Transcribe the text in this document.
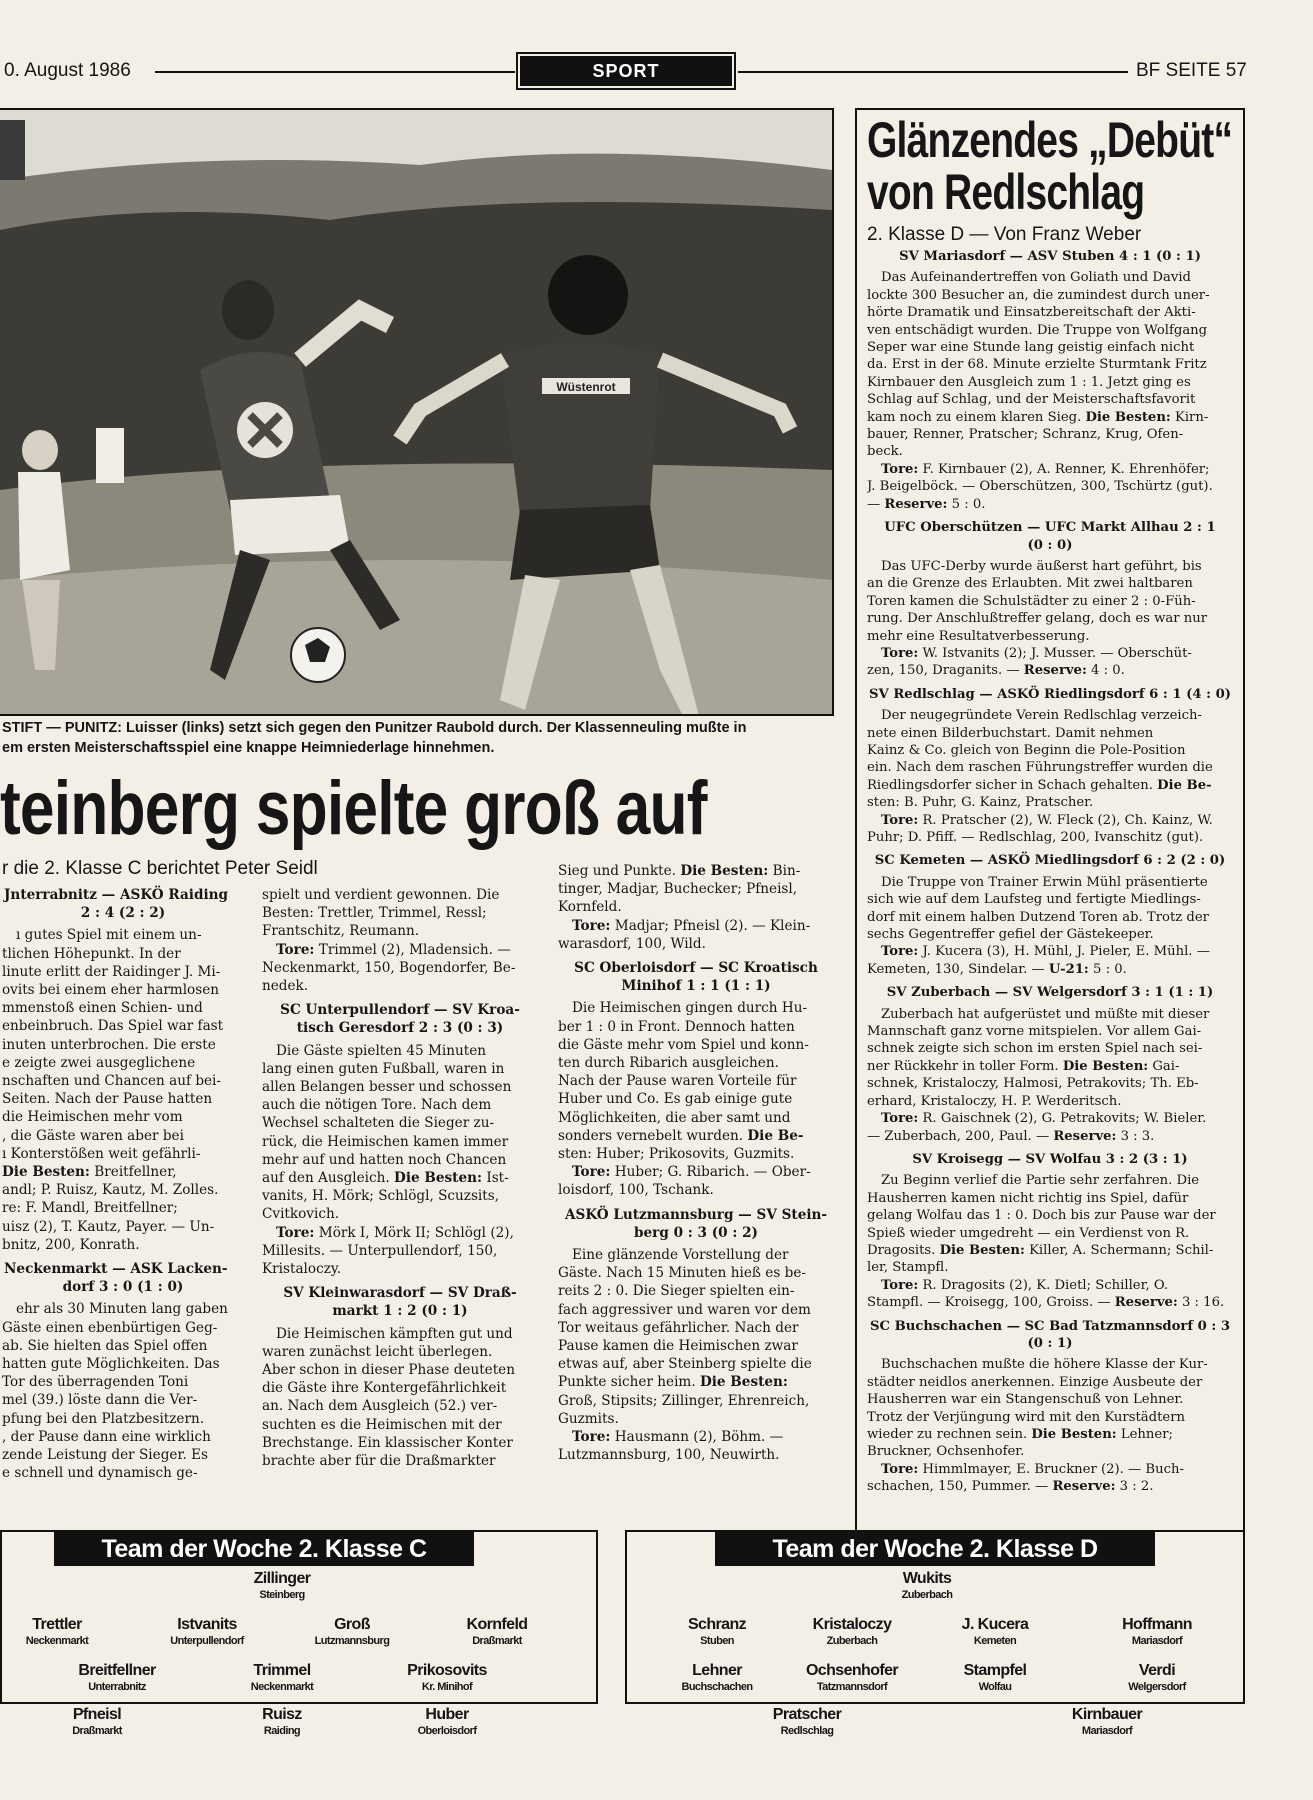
0. August 1986	SPORT	BF SEITE 57
Wüstenrot
STIFT — PUNITZ: Luisser (links) setzt sich gegen den Punitzer Raubold durch. Der Klassenneuling mußte in
em ersten Meisterschaftsspiel eine knappe Heimniederlage hinnehmen.
teinberg spielte groß auf
r die 2. Klasse C berichtet Peter Seidl
Jnterrabnitz — ASKÖ Raiding

2 : 4 (2 : 2)
ı gutes Spiel mit einem un-
tlichen Höhepunkt. In der
linute erlitt der Raidinger J. Mi-
ovits bei einem eher harmlosen
mmenstoß einen Schien- und
enbeinbruch. Das Spiel war fast
inuten unterbrochen. Die erste
e zeigte zwei ausgeglichene
nschaften und Chancen auf bei-
Seiten. Nach der Pause hatten
die Heimischen mehr vom
, die Gäste waren aber bei
ı Konterstößen weit gefährli-
Die Besten: Breitfellner,
andl; P. Ruisz, Kautz, M. Zolles.
re: F. Mandl, Breitfellner;
uisz (2), T. Kautz, Payer. — Un-
bnitz, 200, Konrath.
Neckenmarkt — ASK Lacken-

dorf 3 : 0 (1 : 0)
ehr als 30 Minuten lang gaben
Gäste einen ebenbürtigen Geg-
ab. Sie hielten das Spiel offen
hatten gute Möglichkeiten. Das
Tor des überragenden Toni
mel (39.) löste dann die Ver-
pfung bei den Platzbesitzern.
, der Pause dann eine wirklich
zende Leistung der Sieger. Es
e schnell und dynamisch ge-
spielt und verdient gewonnen. Die
Besten: Trettler, Trimmel, Ressl;
Frantschitz, Reumann.
Tore: Trimmel (2), Mladensich. —
Neckenmarkt, 150, Bogendorfer, Be-
nedek.
SC Unterpullendorf — SV Kroa-
tisch Geresdorf 2 : 3 (0 : 3)
Die Gäste spielten 45 Minuten
lang einen guten Fußball, waren in
allen Belangen besser und schossen
auch die nötigen Tore. Nach dem
Wechsel schalteten die Sieger zu-
rück, die Heimischen kamen immer
mehr auf und hatten noch Chancen
auf den Ausgleich. Die Besten: Ist-
vanits, H. Mörk; Schlögl, Scuzsits,
Cvitkovich.
Tore: Mörk I, Mörk II; Schlögl (2),
Millesits. — Unterpullendorf, 150,
Kristaloczy.
SV Kleinwarasdorf — SV Draß-
markt 1 : 2 (0 : 1)
Die Heimischen kämpften gut und
waren zunächst leicht überlegen.
Aber schon in dieser Phase deuteten
die Gäste ihre Kontergefährlichkeit
an. Nach dem Ausgleich (52.) ver-
suchten es die Heimischen mit der
Brechstange. Ein klassischer Konter
brachte aber für die Draßmarkter
Sieg und Punkte. Die Besten: Bin-
tinger, Madjar, Buchecker; Pfneisl,
Kornfeld.
Tore: Madjar; Pfneisl (2). — Klein-
warasdorf, 100, Wild.
SC Oberloisdorf — SC Kroatisch
Minihof 1 : 1 (1 : 1)
Die Heimischen gingen durch Hu-
ber 1 : 0 in Front. Dennoch hatten
die Gäste mehr vom Spiel und konn-
ten durch Ribarich ausgleichen.
Nach der Pause waren Vorteile für
Huber und Co. Es gab einige gute
Möglichkeiten, die aber samt und
sonders vernebelt wurden. Die Be-
sten: Huber; Prikosovits, Guzmits.
Tore: Huber; G. Ribarich. — Ober-
loisdorf, 100, Tschank.
ASKÖ Lutzmannsburg — SV Stein-
berg 0 : 3 (0 : 2)
Eine glänzende Vorstellung der
Gäste. Nach 15 Minuten hieß es be-
reits 2 : 0. Die Sieger spielten ein-
fach aggressiver und waren vor dem
Tor weitaus gefährlicher. Nach der
Pause kamen die Heimischen zwar
etwas auf, aber Steinberg spielte die
Punkte sicher heim. Die Besten:
Groß, Stipsits; Zillinger, Ehrenreich,
Guzmits.
Tore: Hausmann (2), Böhm. —
Lutzmannsburg, 100, Neuwirth.
Glänzendes „Debüt“
von Redlschlag
2. Klasse D — Von Franz Weber
SV Mariasdorf — ASV Stuben 4 : 1 (0 : 1)
Das Aufeinandertreffen von Goliath und David
lockte 300 Besucher an, die zumindest durch uner-
hörte Dramatik und Einsatzbereitschaft der Akti-
ven entschädigt wurden. Die Truppe von Wolfgang
Seper war eine Stunde lang geistig einfach nicht
da. Erst in der 68. Minute erzielte Sturmtank Fritz
Kirnbauer den Ausgleich zum 1 : 1. Jetzt ging es
Schlag auf Schlag, und der Meisterschaftsfavorit
kam noch zu einem klaren Sieg. Die Besten: Kirn-
bauer, Renner, Pratscher; Schranz, Krug, Ofen-
beck.
Tore: F. Kirnbauer (2), A. Renner, K. Ehrenhöfer;
J. Beigelböck. — Oberschützen, 300, Tschürtz (gut).
— Reserve: 5 : 0.
UFC Oberschützen — UFC Markt Allhau 2 : 1
(0 : 0)
Das UFC-Derby wurde äußerst hart geführt, bis
an die Grenze des Erlaubten. Mit zwei haltbaren
Toren kamen die Schulstädter zu einer 2 : 0-Füh-
rung. Der Anschlußtreffer gelang, doch es war nur
mehr eine Resultatverbesserung.
Tore: W. Istvanits (2); J. Musser. — Oberschüt-
zen, 150, Draganits. — Reserve: 4 : 0.
SV Redlschlag — ASKÖ Riedlingsdorf 6 : 1 (4 : 0)
Der neugegründete Verein Redlschlag verzeich-
nete einen Bilderbuchstart. Damit nehmen
Kainz & Co. gleich von Beginn die Pole-Position
ein. Nach dem raschen Führungstreffer wurden die
Riedlingsdorfer sicher in Schach gehalten. Die Be-
sten: B. Puhr, G. Kainz, Pratscher.
Tore: R. Pratscher (2), W. Fleck (2), Ch. Kainz, W.
Puhr; D. Pfiff. — Redlschlag, 200, Ivanschitz (gut).
SC Kemeten — ASKÖ Miedlingsdorf 6 : 2 (2 : 0)
Die Truppe von Trainer Erwin Mühl präsentierte
sich wie auf dem Laufsteg und fertigte Miedlings-
dorf mit einem halben Dutzend Toren ab. Trotz der
sechs Gegentreffer gefiel der Gästekeeper.
Tore: J. Kucera (3), H. Mühl, J. Pieler, E. Mühl. —
Kemeten, 130, Sindelar. — U-21: 5 : 0.
SV Zuberbach — SV Welgersdorf 3 : 1 (1 : 1)
Zuberbach hat aufgerüstet und müßte mit dieser
Mannschaft ganz vorne mitspielen. Vor allem Gai-
schnek zeigte sich schon im ersten Spiel nach sei-
ner Rückkehr in toller Form. Die Besten: Gai-
schnek, Kristaloczy, Halmosi, Petrakovits; Th. Eb-
erhard, Kristaloczy, H. P. Werderitsch.
Tore: R. Gaischnek (2), G. Petrakovits; W. Bieler.
— Zuberbach, 200, Paul. — Reserve: 3 : 3.
SV Kroisegg — SV Wolfau 3 : 2 (3 : 1)
Zu Beginn verlief die Partie sehr zerfahren. Die
Hausherren kamen nicht richtig ins Spiel, dafür
gelang Wolfau das 1 : 0. Doch bis zur Pause war der
Spieß wieder umgedreht — ein Verdienst von R.
Dragosits. Die Besten: Killer, A. Schermann; Schil-
ler, Stampfl.
Tore: R. Dragosits (2), K. Dietl; Schiller, O.
Stampfl. — Kroisegg, 100, Groiss. — Reserve: 3 : 16.
SC Buchschachen — SC Bad Tatzmannsdorf 0 : 3
(0 : 1)
Buchschachen mußte die höhere Klasse der Kur-
städter neidlos anerkennen. Einzige Ausbeute der
Hausherren war ein Stangenschuß von Lehner.
Trotz der Verjüngung wird mit den Kurstädtern
wieder zu rechnen sein. Die Besten: Lehner;
Bruckner, Ochsenhofer.
Tore: Himmlmayer, E. Bruckner (2). — Buch-
schachen, 150, Pummer. — Reserve: 3 : 2.
Team der Woche 2. Klasse C
Zillinger
Steinberg
Trettler
Neckenmarkt
Istvanits
Unterpullendorf
Groß
Lutzmannsburg
Kornfeld
Draßmarkt
Breitfellner
Unterrabnitz
Trimmel
Neckenmarkt
Prikosovits
Kr. Minihof
Pfneisl
Draßmarkt
Ruisz
Raiding
Huber
Oberloisdorf
Team der Woche 2. Klasse D
Wukits
Zuberbach
Schranz
Stuben
Kristaloczy
Zuberbach
J. Kucera
Kemeten
Hoffmann
Mariasdorf
Lehner
Buchschachen
Ochsenhofer
Tatzmannsdorf
Stampfel
Wolfau
Verdi
Welgersdorf
Pratscher
Redlschlag
Kirnbauer
Mariasdorf
